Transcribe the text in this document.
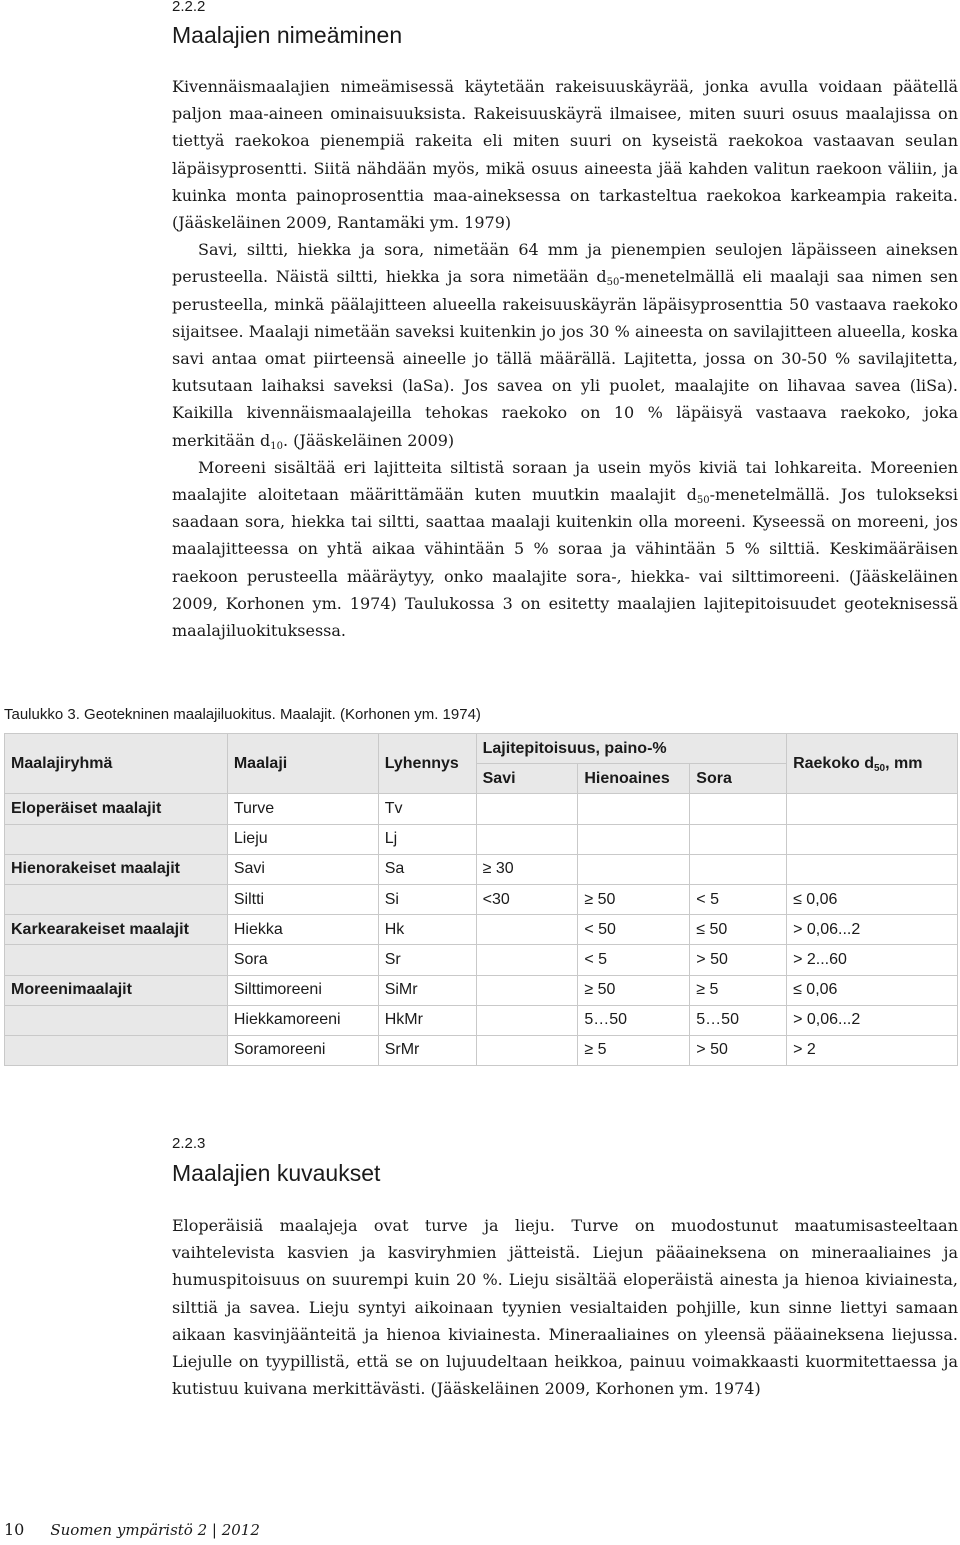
2.2.2
Maalajien nimeäminen

Kivennäismaalajien nimeämisessä käytetään rakeisuuskäyrää, jonka avulla voidaan päätellä paljon maa-aineen ominaisuuksista. Rakeisuuskäyrä ilmaisee, miten suuri osuus maalajissa on tiettyä raekokoa pienempiä rakeita eli miten suuri on kyseistä raekokoa vastaavan seulan läpäisyprosentti. Siitä nähdään myös, mikä osuus aineesta jää kahden valitun raekoon väliin, ja kuinka monta painoprosenttia maa-aineksessa on tarkasteltua raekokoa karkeampia rakeita. (Jääskeläinen 2009, Rantamäki ym. 1979)

Savi, siltti, hiekka ja sora, nimetään 64 mm ja pienempien seulojen läpäisseen aineksen perusteella. Näistä siltti, hiekka ja sora nimetään $d_{50}$-menetelmällä eli maalaji saa nimen sen perusteella, minkä päälajitteen alueella rakeisuuskäyrän läpäisyprosenttia 50 vastaava raekoko sijaitsee. Maalaji nimetään saveksi kuitenkin jo jos 30 % aineesta on savilajitteen alueella, koska savi antaa omat piirteensä aineelle jo tällä määrällä. Lajitetta, jossa on 30-50 % savilajitetta, kutsutaan laihaksi saveksi (laSa). Jos savea on yli puolet, maalajite on lihavaa savea (liSa). Kaikilla kivennäismaalajeilla tehokas raekoko on 10 % läpäisyä vastaava raekoko, joka merkitään $d_{10}$. (Jääskeläinen 2009)

Moreeni sisältää eri lajitteita siltistä soraan ja usein myös kiviä tai lohkareita. Moreenien maalajite aloitetaan määrittämään kuten muutkin maalajit $d_{50}$-menetelmällä. Jos tulokseksi saadaan sora, hiekka tai siltti, saattaa maalaji kuitenkin olla moreeni. Kyseessä on moreeni, jos maalajitteessa on yhtä aikaa vähintään 5 % soraa ja vähintään 5 % silttiä. Keskimääräisen raekoon perusteella määräytyy, onko maalajite sora-, hiekka- vai silttimoreeni. (Jääskeläinen 2009, Korhonen ym. 1974) Taulukossa 3 on esitetty maalajien lajitepitoisuudet geoteknisessä maalajiluokituksessa.

Taulukko 3. Geotekninen maalajiluokitus. Maalajit. (Korhonen ym. 1974)
Maalajiryhmä	Maalaji	Lyhennys	Lajitepitoisuus, paino-%			Raekoko $d_{50}$, mm
			Savi	Hienoaines	Sora	
Eloperäiset maalajit	Turve	Tv				
	Lieju	Lj				
Hienorakeiset maalajit	Savi	Sa	≥ 30			
	Siltti	Si	<30	≥ 50	< 5	≤ 0,06
Karkearakeiset maalajit	Hiekka	Hk		< 50	≤ 50	> 0,06...2
	Sora	Sr		< 5	> 50	> 2...60
Moreenimaalajit	Silttimoreeni	SiMr		≥ 50	≥ 5	≤ 0,06
	Hiekkamoreeni	HkMr		5…50	5…50	> 0,06...2
	Soramoreeni	SrMr		≥ 5	> 50	> 2
2.2.3
Maalajien kuvaukset

Eloperäisiä maalajeja ovat turve ja lieju. Turve on muodostunut maatumisasteeltaan vaihtelevista kasvien ja kasviryhmien jätteistä. Liejun pääaineksena on mineraaliaines ja humuspitoisuus on suurempi kuin 20 %. Lieju sisältää eloperäistä ainesta ja hienoa kiviainesta, silttiä ja savea. Lieju syntyi aikoinaan tyynien vesialtaiden pohjille, kun sinne liettyi samaan aikaan kasvinjäänteitä ja hienoa kiviainesta. Mineraaliaines on yleensä pääaineksena liejussa. Liejulle on tyypillistä, että se on lujuudeltaan heikkoa, painuu voimakkaasti kuormitettaessa ja kutistuu kuivana merkittävästi. (Jääskeläinen 2009, Korhonen ym. 1974)

10 Suomen ympäristö 2 | 2012
